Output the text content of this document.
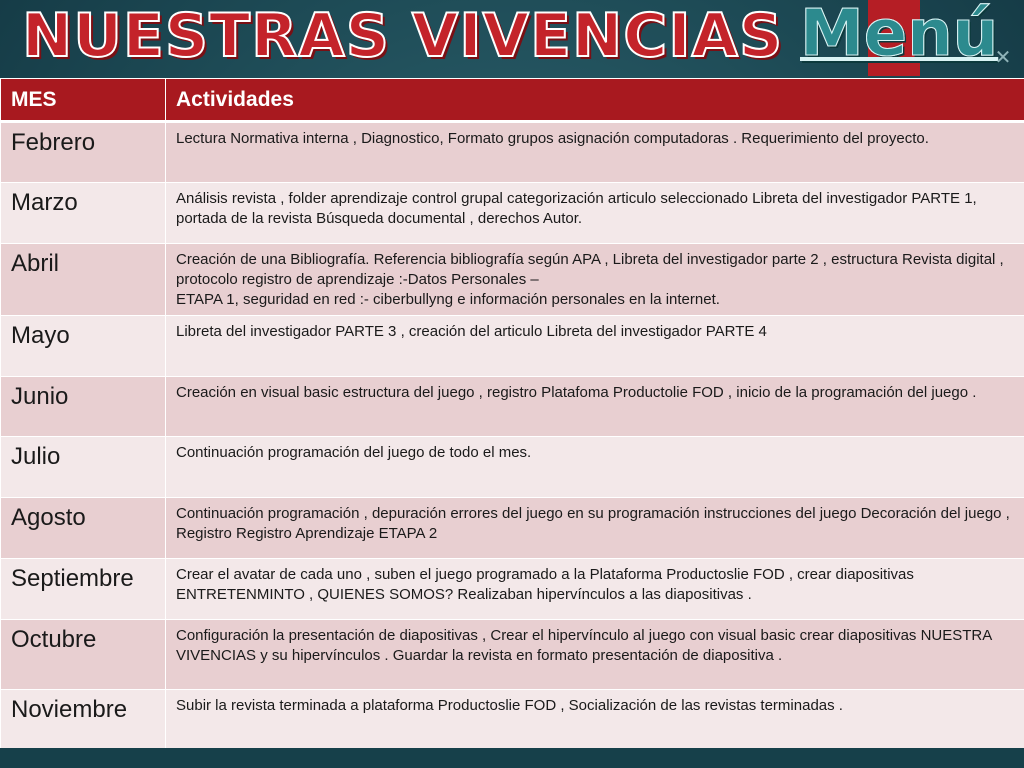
NUESTRAS VIVENCIAS Menú
✕
MES	Actividades
Febrero	Lectura Normativa interna , Diagnostico, Formato grupos asignación computadoras . Requerimiento del proyecto.
Marzo	Análisis revista , folder aprendizaje control grupal categorización articulo seleccionado Libreta del investigador PARTE 1, portada de la revista Búsqueda documental , derechos Autor.
Abril	Creación de una Bibliografía. Referencia bibliografía según APA , Libreta del investigador parte 2 , estructura Revista digital , protocolo registro de aprendizaje :-Datos Personales –
ETAPA 1, seguridad en red :- ciberbullyng e información personales en la internet.
Mayo	Libreta del investigador PARTE 3 , creación del articulo Libreta del investigador PARTE 4
Junio	Creación en visual basic estructura del juego , registro Platafoma Productolie FOD , inicio de la programación del juego .
Julio	Continuación programación del juego de todo el mes.
Agosto	Continuación programación , depuración errores del juego en su programación instrucciones del juego Decoración del juego , Registro Registro Aprendizaje ETAPA 2
Septiembre	Crear el avatar de cada uno , suben el juego programado a la Plataforma Productoslie FOD , crear diapositivas ENTRETENMINTO , QUIENES SOMOS? Realizaban hipervínculos a las diapositivas .
Octubre	Configuración la presentación de diapositivas , Crear el hipervínculo al juego con visual basic crear diapositivas NUESTRA VIVENCIAS y su hipervínculos . Guardar la revista en formato presentación de diapositiva .
Noviembre	Subir la revista terminada a plataforma Productoslie FOD , Socialización de las revistas terminadas .
